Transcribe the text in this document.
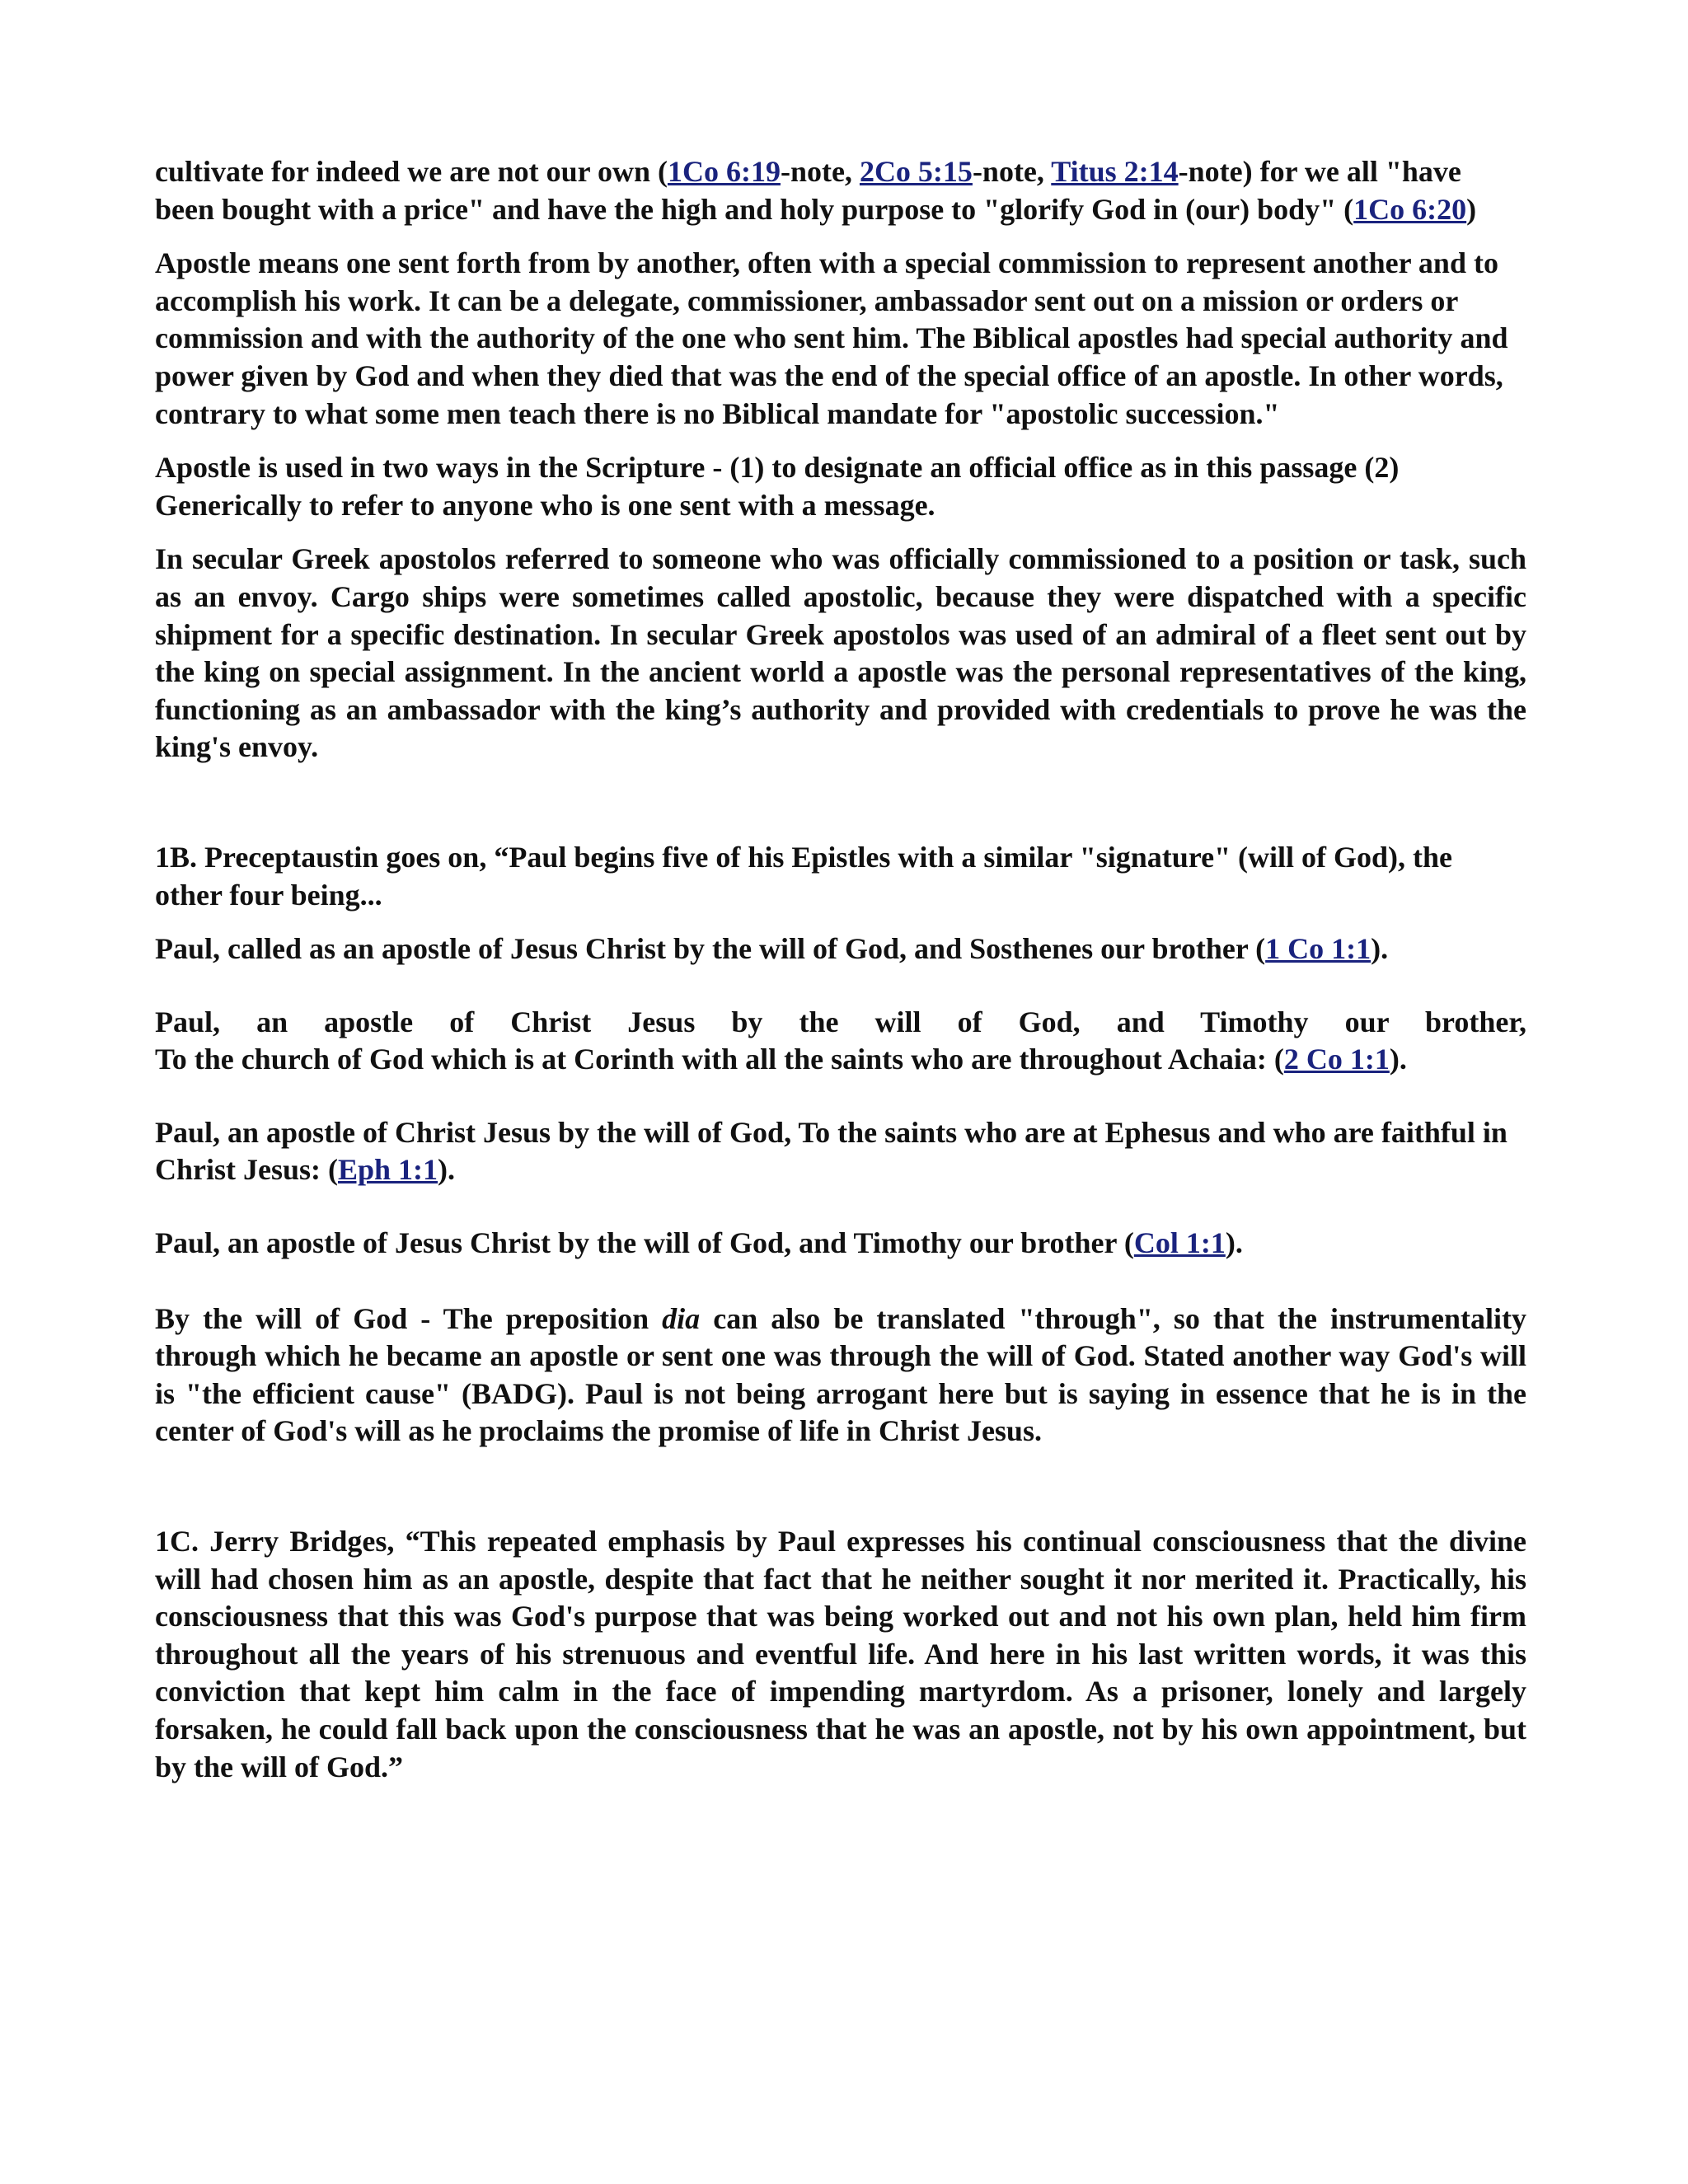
cultivate for indeed we are not our own (1Co 6:19-note, 2Co 5:15-note, Titus 2:14-note) for we all "have been bought with a price" and have the high and holy purpose to "glorify God in (our) body" (1Co 6:20)

Apostle means one sent forth from by another, often with a special commission to represent another and to accomplish his work. It can be a delegate, commissioner, ambassador sent out on a mission or orders or commission and with the authority of the one who sent him. The Biblical apostles had special authority and power given by God and when they died that was the end of the special office of an apostle. In other words, contrary to what some men teach there is no Biblical mandate for "apostolic succession."

Apostle is used in two ways in the Scripture - (1) to designate an official office as in this passage (2) Generically to refer to anyone who is one sent with a message.

In secular Greek apostolos referred to someone who was officially commissioned to a position or task, such as an envoy. Cargo ships were sometimes called apostolic, because they were dispatched with a specific shipment for a specific destination. In secular Greek apostolos was used of an admiral of a fleet sent out by the king on special assignment. In the ancient world a apostle was the personal representatives of the king, functioning as an ambassador with the king’s authority and provided with credentials to prove he was the king's envoy.

1B. Preceptaustin goes on, “Paul begins five of his Epistles with a similar "signature" (will of God), the other four being...

Paul, called as an apostle of Jesus Christ by the will of God, and Sosthenes our brother (1 Co 1:1).

Paul, an apostle of Christ Jesus by the will of God, and Timothy our brother,
To the church of God which is at Corinth with all the saints who are throughout Achaia: (2 Co 1:1).

Paul, an apostle of Christ Jesus by the will of God, To the saints who are at Ephesus and who are faithful in Christ Jesus: (Eph 1:1).

Paul, an apostle of Jesus Christ by the will of God, and Timothy our brother (Col 1:1).

By the will of God - The preposition dia can also be translated "through", so that the instrumentality through which he became an apostle or sent one was through the will of God. Stated another way God's will is "the efficient cause" (BADG). Paul is not being arrogant here but is saying in essence that he is in the center of God's will as he proclaims the promise of life in Christ Jesus.

1C. Jerry Bridges, “This repeated emphasis by Paul expresses his continual consciousness that the divine will had chosen him as an apostle, despite that fact that he neither sought it nor merited it. Practically, his consciousness that this was God's purpose that was being worked out and not his own plan, held him firm throughout all the years of his strenuous and eventful life. And here in his last written words, it was this conviction that kept him calm in the face of impending martyrdom. As a prisoner, lonely and largely forsaken, he could fall back upon the consciousness that he was an apostle, not by his own appointment, but by the will of God.”
